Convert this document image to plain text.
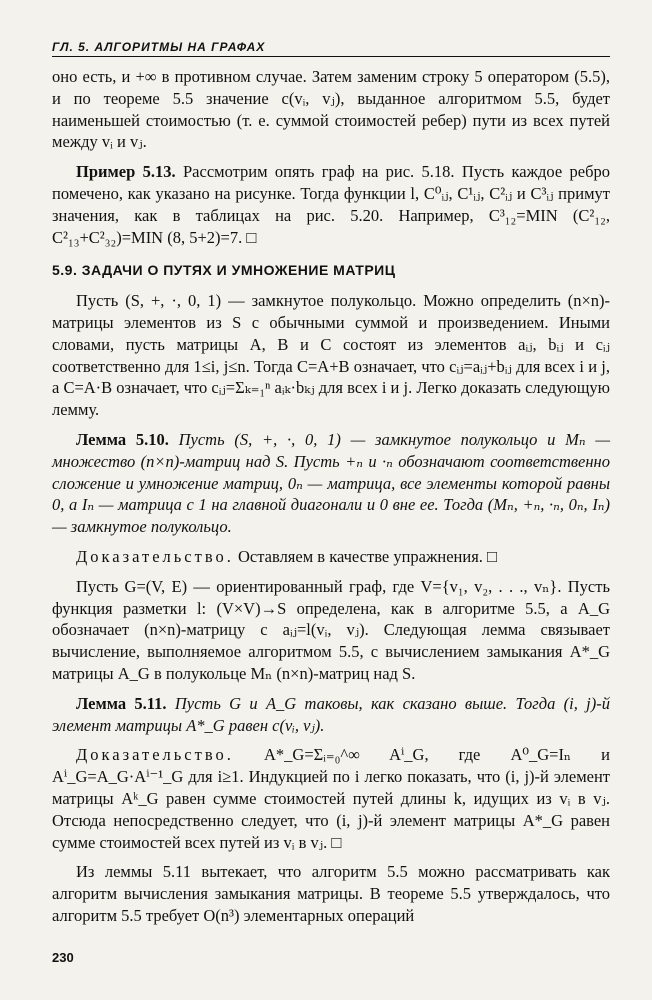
ГЛ. 5. АЛГОРИТМЫ НА ГРАФАХ

оно есть, и +∞ в противном случае. Затем заменим строку 5 оператором (5.5), и по теореме 5.5 значение c(vᵢ, vⱼ), выданное алгоритмом 5.5, будет наименьшей стоимостью (т. е. суммой стоимостей ребер) пути из всех путей между vᵢ и vⱼ.

Пример 5.13. Рассмотрим опять граф на рис. 5.18. Пусть каждое ребро помечено, как указано на рисунке. Тогда функции l, C⁰ᵢⱼ, C¹ᵢⱼ, C²ᵢⱼ и C³ᵢⱼ примут значения, как в таблицах на рис. 5.20. Например, C³₁₂=MIN (C²₁₂, C²₁₃+C²₃₂)=MIN (8, 5+2)=7. □

5.9. ЗАДАЧИ О ПУТЯХ И УМНОЖЕНИЕ МАТРИЦ

Пусть (S, +, ·, 0, 1) — замкнутое полукольцо. Можно определить (n×n)-матрицы элементов из S с обычными суммой и произведением. Иными словами, пусть матрицы A, B и C состоят из элементов aᵢⱼ, bᵢⱼ и cᵢⱼ соответственно для 1≤i, j≤n. Тогда C=A+B означает, что cᵢⱼ=aᵢⱼ+bᵢⱼ для всех i и j, а C=A·B означает, что cᵢⱼ=Σₖ₌₁ⁿ aᵢₖ·bₖⱼ для всех i и j. Легко доказать следующую лемму.

Лемма 5.10. Пусть (S, +, ·, 0, 1) — замкнутое полукольцо и Mₙ — множество (n×n)-матриц над S. Пусть +ₙ и ·ₙ обозначают соответственно сложение и умножение матриц, 0ₙ — матрица, все элементы которой равны 0, а Iₙ — матрица с 1 на главной диагонали и 0 вне ее. Тогда (Mₙ, +ₙ, ·ₙ, 0ₙ, Iₙ) — замкнутое полукольцо.

Доказательство. Оставляем в качестве упражнения. □

Пусть G=(V, E) — ориентированный граф, где V={v₁, v₂, . . ., vₙ}. Пусть функция разметки l: (V×V)→S определена, как в алгоритме 5.5, а A_G обозначает (n×n)-матрицу с aᵢⱼ=l(vᵢ, vⱼ). Следующая лемма связывает вычисление, выполняемое алгоритмом 5.5, с вычислением замыкания A*_G матрицы A_G в полукольце Mₙ (n×n)-матриц над S.

Лемма 5.11. Пусть G и A_G таковы, как сказано выше. Тогда (i, j)-й элемент матрицы A*_G равен c(vᵢ, vⱼ).

Доказательство. A*_G=Σᵢ₌₀^∞ Aⁱ_G, где A⁰_G=Iₙ и Aⁱ_G=A_G·Aⁱ⁻¹_G для i≥1. Индукцией по i легко показать, что (i, j)-й элемент матрицы Aᵏ_G равен сумме стоимостей путей длины k, идущих из vᵢ в vⱼ. Отсюда непосредственно следует, что (i, j)-й элемент матрицы A*_G равен сумме стоимостей всех путей из vᵢ в vⱼ. □

Из леммы 5.11 вытекает, что алгоритм 5.5 можно рассматривать как алгоритм вычисления замыкания матрицы. В теореме 5.5 утверждалось, что алгоритм 5.5 требует O(n³) элементарных операций

230
